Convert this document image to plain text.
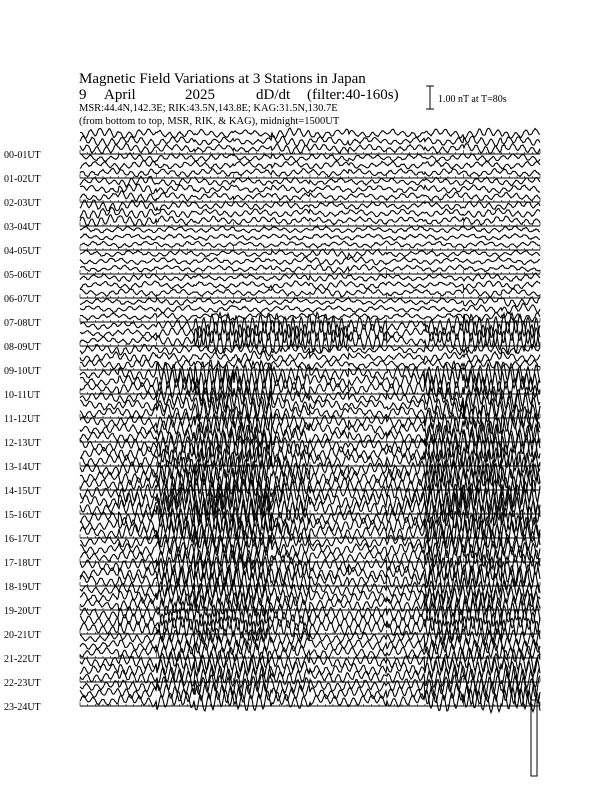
Magnetic Field Variations at 3 Stations in Japan
9 April	2025	dD/dt (filter:40-160s)
MSR:44.4N,142.3E; RIK:43.5N,143.8E; KAG:31.5N,130.7E
(from bottom to top, MSR, RIK, & KAG), midnight=1500UT
1.00 nT at T=80s
00-01UT
01-02UT
02-03UT
03-04UT
04-05UT
05-06UT
06-07UT
07-08UT
08-09UT
09-10UT
10-11UT
11-12UT
12-13UT
13-14UT
14-15UT
15-16UT
16-17UT
17-18UT
18-19UT
19-20UT
20-21UT
21-22UT
22-23UT
23-24UT
